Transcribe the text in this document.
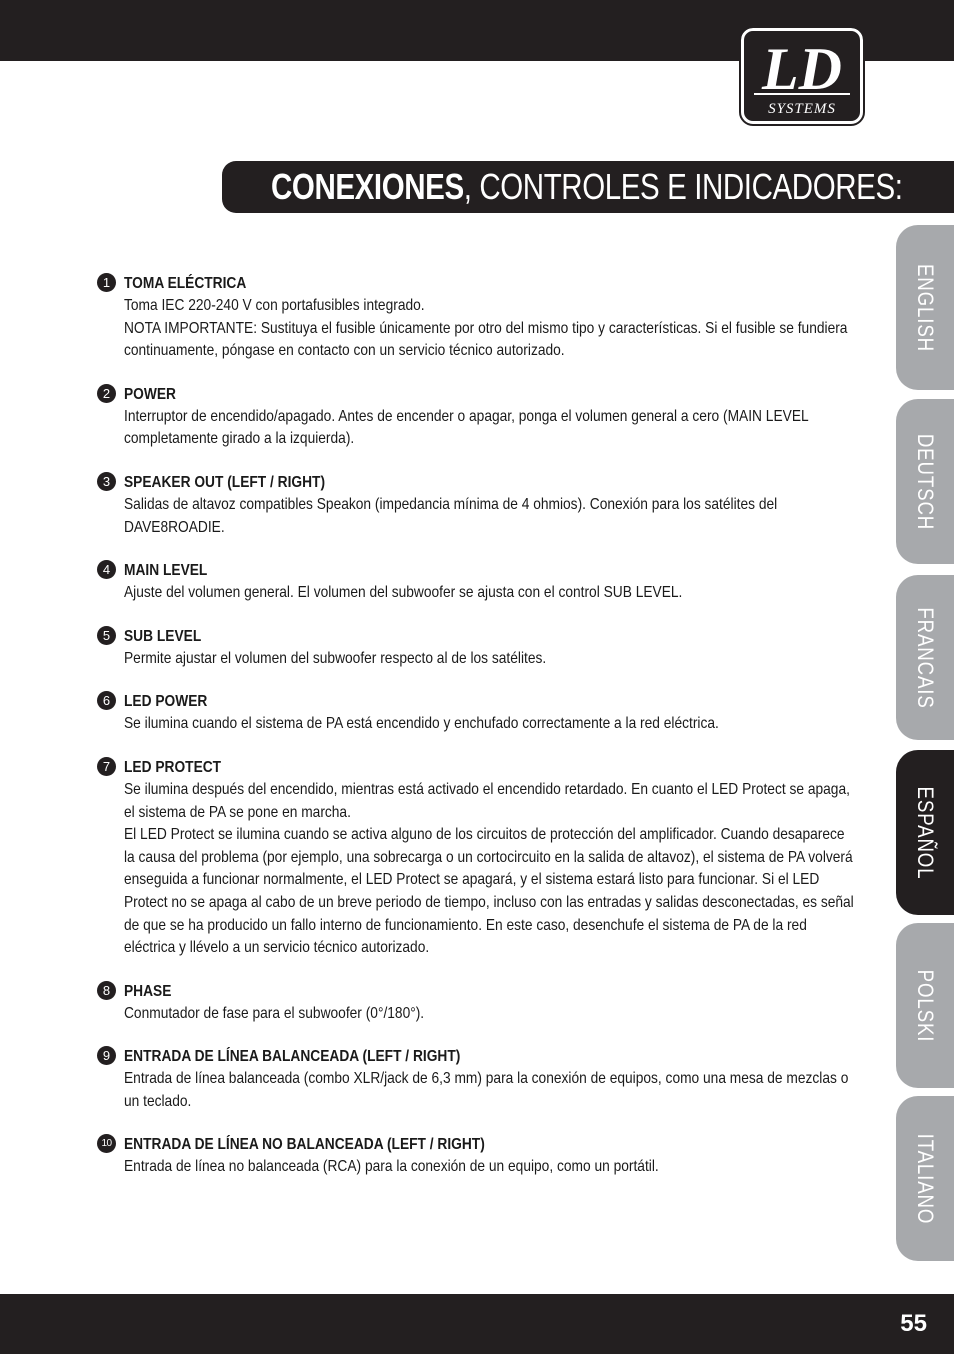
LD
SYSTEMS
CONEXIONES, CONTROLES E INDICADORES:
ENGLISH
DEUTSCH
FRANCAIS
ESPAÑOL
POLSKI
ITALIANO
1 TOMA ELÉCTRICA

Toma IEC 220-240 V con portafusibles integrado.

NOTA IMPORTANTE: Sustituya el fusible únicamente por otro del mismo tipo y características. Si el fusible se fundiera continuamente, póngase en contacto con un servicio técnico autorizado.

2 POWER

Interruptor de encendido/apagado. Antes de encender o apagar, ponga el volumen general a cero (MAIN LEVEL completamente girado a la izquierda).

3 SPEAKER OUT (LEFT / RIGHT)

Salidas de altavoz compatibles Speakon (impedancia mínima de 4 ohmios). Conexión para los satélites del DAVE8ROADIE.

4 MAIN LEVEL

Ajuste del volumen general. El volumen del subwoofer se ajusta con el control SUB LEVEL.

5 SUB LEVEL

Permite ajustar el volumen del subwoofer respecto al de los satélites.

6 LED POWER

Se ilumina cuando el sistema de PA está encendido y enchufado correctamente a la red eléctrica.

7 LED PROTECT

Se ilumina después del encendido, mientras está activado el encendido retardado. En cuanto el LED Protect se apaga, el sistema de PA se pone en marcha.

El LED Protect se ilumina cuando se activa alguno de los circuitos de protección del amplificador. Cuando desaparece la causa del problema (por ejemplo, una sobrecarga o un cortocircuito en la salida de altavoz), el sistema de PA volverá enseguida a funcionar normalmente, el LED Protect se apagará, y el sistema estará listo para funcionar. Si el LED Protect no se apaga al cabo de un breve periodo de tiempo, incluso con las entradas y salidas desconectadas, es señal de que se ha producido un fallo interno de funcionamiento. En este caso, desenchufe el sistema de PA de la red eléctrica y llévelo a un servicio técnico autorizado.

8 PHASE

Conmutador de fase para el subwoofer (0°/180°).

9 ENTRADA DE LÍNEA BALANCEADA (LEFT / RIGHT)

Entrada de línea balanceada (combo XLR/jack de 6,3 mm) para la conexión de equipos, como una mesa de mezclas o un teclado.

10 ENTRADA DE LÍNEA NO BALANCEADA (LEFT / RIGHT)

Entrada de línea no balanceada (RCA) para la conexión de un equipo, como un portátil.

55
